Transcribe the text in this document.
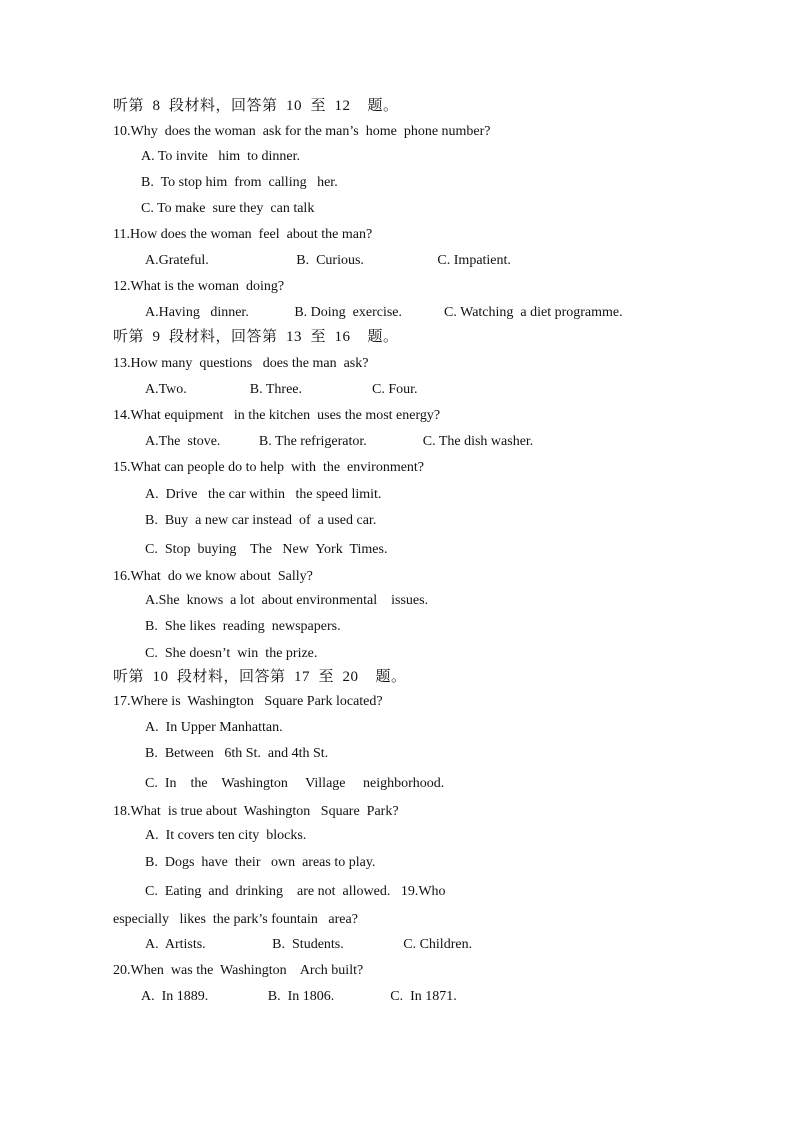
听第  8  段材料，回答第  10  至  12    题。
10.Why  does the woman  ask for the man’s  home  phone number?
A. To invite   him  to dinner.
B.  To stop him  from  calling   her.
C. To make  sure they  can talk
11.How does the woman  feel  about the man?
A.Grateful.                         B.  Curious.                     C. Impatient.
12.What is the woman  doing?
A.Having   dinner.             B. Doing  exercise.            C. Watching  a diet programme.
听第  9  段材料，回答第  13  至  16    题。
13.How many  questions   does the man  ask?
A.Two.                  B. Three.                    C. Four.
14.What equipment   in the kitchen  uses the most energy?
A.The  stove.           B. The refrigerator.                C. The dish washer.
15.What can people do to help  with  the  environment?
A.  Drive   the car within   the speed limit.
B.  Buy  a new car instead  of  a used car.
C.  Stop  buying    The   New  York  Times.
16.What  do we know about  Sally?
A.She  knows  a lot  about environmental    issues.
B.  She likes  reading  newspapers.
C.  She doesn’t  win  the prize.
听第  10  段材料，回答第  17  至  20    题。
17.Where is  Washington   Square Park located?
A.  In Upper Manhattan.
B.  Between   6th St.  and 4th St.
C.  In    the    Washington     Village     neighborhood.
18.What  is true about  Washington   Square  Park?
A.  It covers ten city  blocks.
B.  Dogs  have  their   own  areas to play.
C.  Eating  and  drinking    are not  allowed.   19.Who
especially   likes  the park’s fountain   area?
A.  Artists.                   B.  Students.                 C. Children.
20.When  was the  Washington    Arch built?
A.  In 1889.                 B.  In 1806.                C.  In 1871.
